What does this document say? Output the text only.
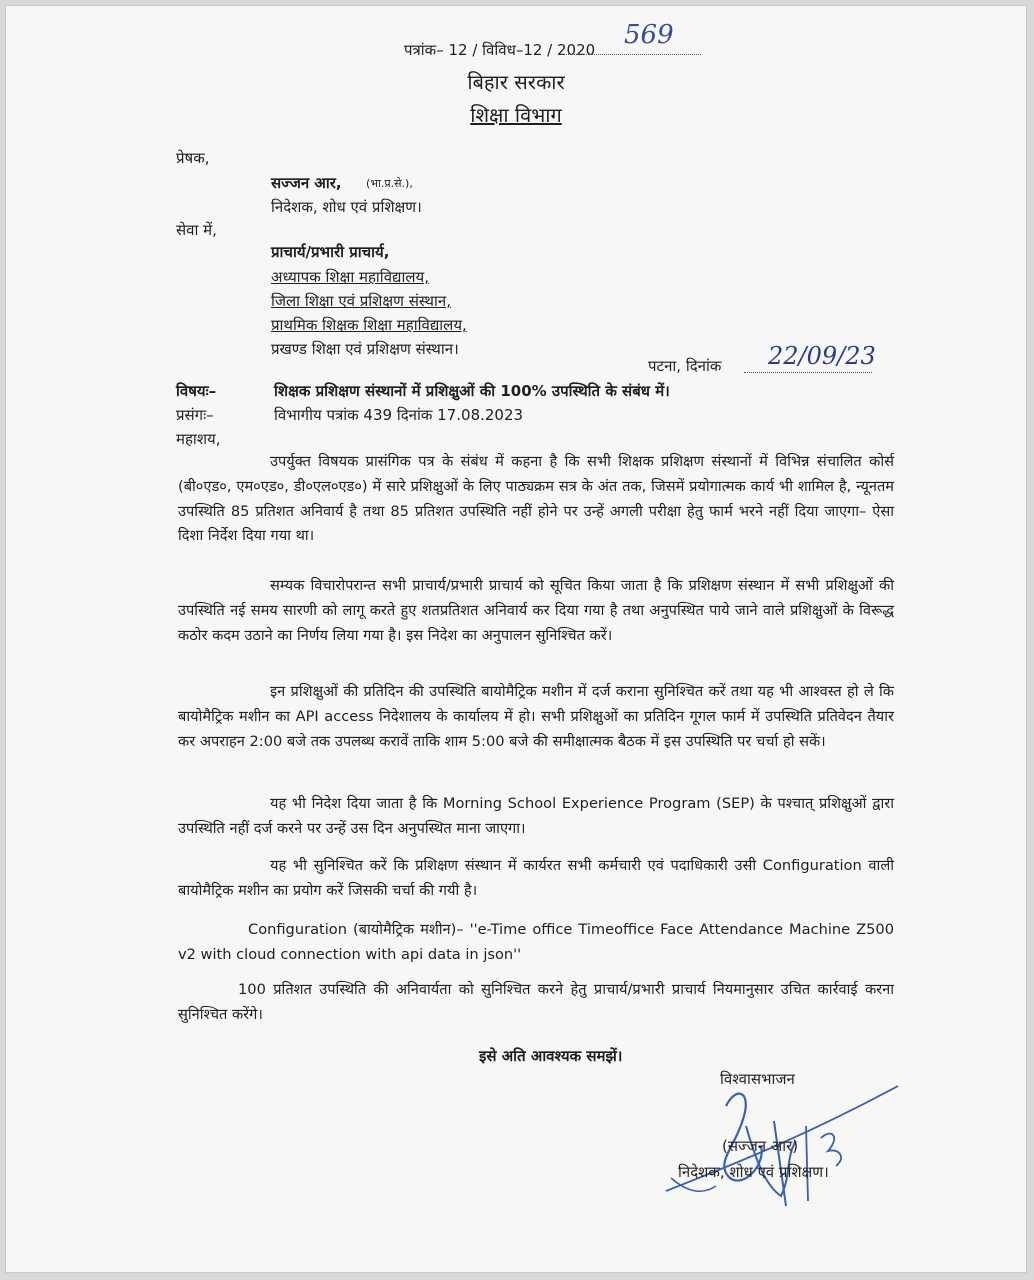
पत्रांक– 12 / विविध–12 / 2020 569
बिहार सरकार
शिक्षा विभाग
प्रेषक,
सज्जन आर, (भा.प्र.से.),
निदेशक, शोध एवं प्रशिक्षण।
सेवा में,
प्राचार्य/प्रभारी प्राचार्य,
अध्यापक शिक्षा महाविद्यालय,
जिला शिक्षा एवं प्रशिक्षण संस्थान,
प्राथमिक शिक्षक शिक्षा महाविद्यालय,
प्रखण्ड शिक्षा एवं प्रशिक्षण संस्थान।
पटना, दिनांक 22/09/23
विषयः–	शिक्षक प्रशिक्षण संस्थानों में प्रशिक्षुओं की 100% उपस्थिति के संबंध में।
प्रसंगः–	विभागीय पत्रांक 439 दिनांक 17.08.2023
महाशय,
उपर्युक्त विषयक प्रासंगिक पत्र के संबंध में कहना है कि सभी शिक्षक प्रशिक्षण संस्थानों में विभिन्न संचालित कोर्स (बी०एड०, एम०एड०, डी०एल०एड०) में सारे प्रशिक्षुओं के लिए पाठ्यक्रम सत्र के अंत तक, जिसमें प्रयोगात्मक कार्य भी शामिल है, न्यूनतम उपस्थिति 85 प्रतिशत अनिवार्य है तथा 85 प्रतिशत उपस्थिति नहीं होने पर उन्हें अगली परीक्षा हेतु फार्म भरने नहीं दिया जाएगा– ऐसा दिशा निर्देश दिया गया था।
सम्यक विचारोपरान्त सभी प्राचार्य/प्रभारी प्राचार्य को सूचित किया जाता है कि प्रशिक्षण संस्थान में सभी प्रशिक्षुओं की उपस्थिति नई समय सारणी को लागू करते हुए शतप्रतिशत अनिवार्य कर दिया गया है तथा अनुपस्थित पाये जाने वाले प्रशिक्षुओं के विरूद्ध कठोर कदम उठाने का निर्णय लिया गया है। इस निदेश का अनुपालन सुनिश्चित करें।
इन प्रशिक्षुओं की प्रतिदिन की उपस्थिति बायोमैट्रिक मशीन में दर्ज कराना सुनिश्चित करें तथा यह भी आश्वस्त हो ले कि बायोमैट्रिक मशीन का API access निदेशालय के कार्यालय में हो। सभी प्रशिक्षुओं का प्रतिदिन गूगल फार्म में उपस्थिति प्रतिवेदन तैयार कर अपराहन 2:00 बजे तक उपलब्ध करावें ताकि शाम 5:00 बजे की समीक्षात्मक बैठक में इस उपस्थिति पर चर्चा हो सकें।
यह भी निदेश दिया जाता है कि Morning School Experience Program (SEP) के पश्चात् प्रशिक्षुओं द्वारा उपस्थिति नहीं दर्ज करने पर उन्हें उस दिन अनुपस्थित माना जाएगा।
यह भी सुनिश्चित करें कि प्रशिक्षण संस्थान में कार्यरत सभी कर्मचारी एवं पदाधिकारी उसी Configuration वाली बायोमैट्रिक मशीन का प्रयोग करें जिसकी चर्चा की गयी है।
Configuration (बायोमैट्रिक मशीन)– ''e-Time office Timeoffice Face Attendance Machine Z500 v2 with cloud connection with api data in json''
100 प्रतिशत उपस्थिति की अनिवार्यता को सुनिश्चित करने हेतु प्राचार्य/प्रभारी प्राचार्य नियमानुसार उचित कार्रवाई करना सुनिश्चित करेंगे।
इसे अति आवश्यक समझें।
विश्वासभाजन
(सज्जन आर)
निदेशक, शोध एवं प्रशिक्षण।
